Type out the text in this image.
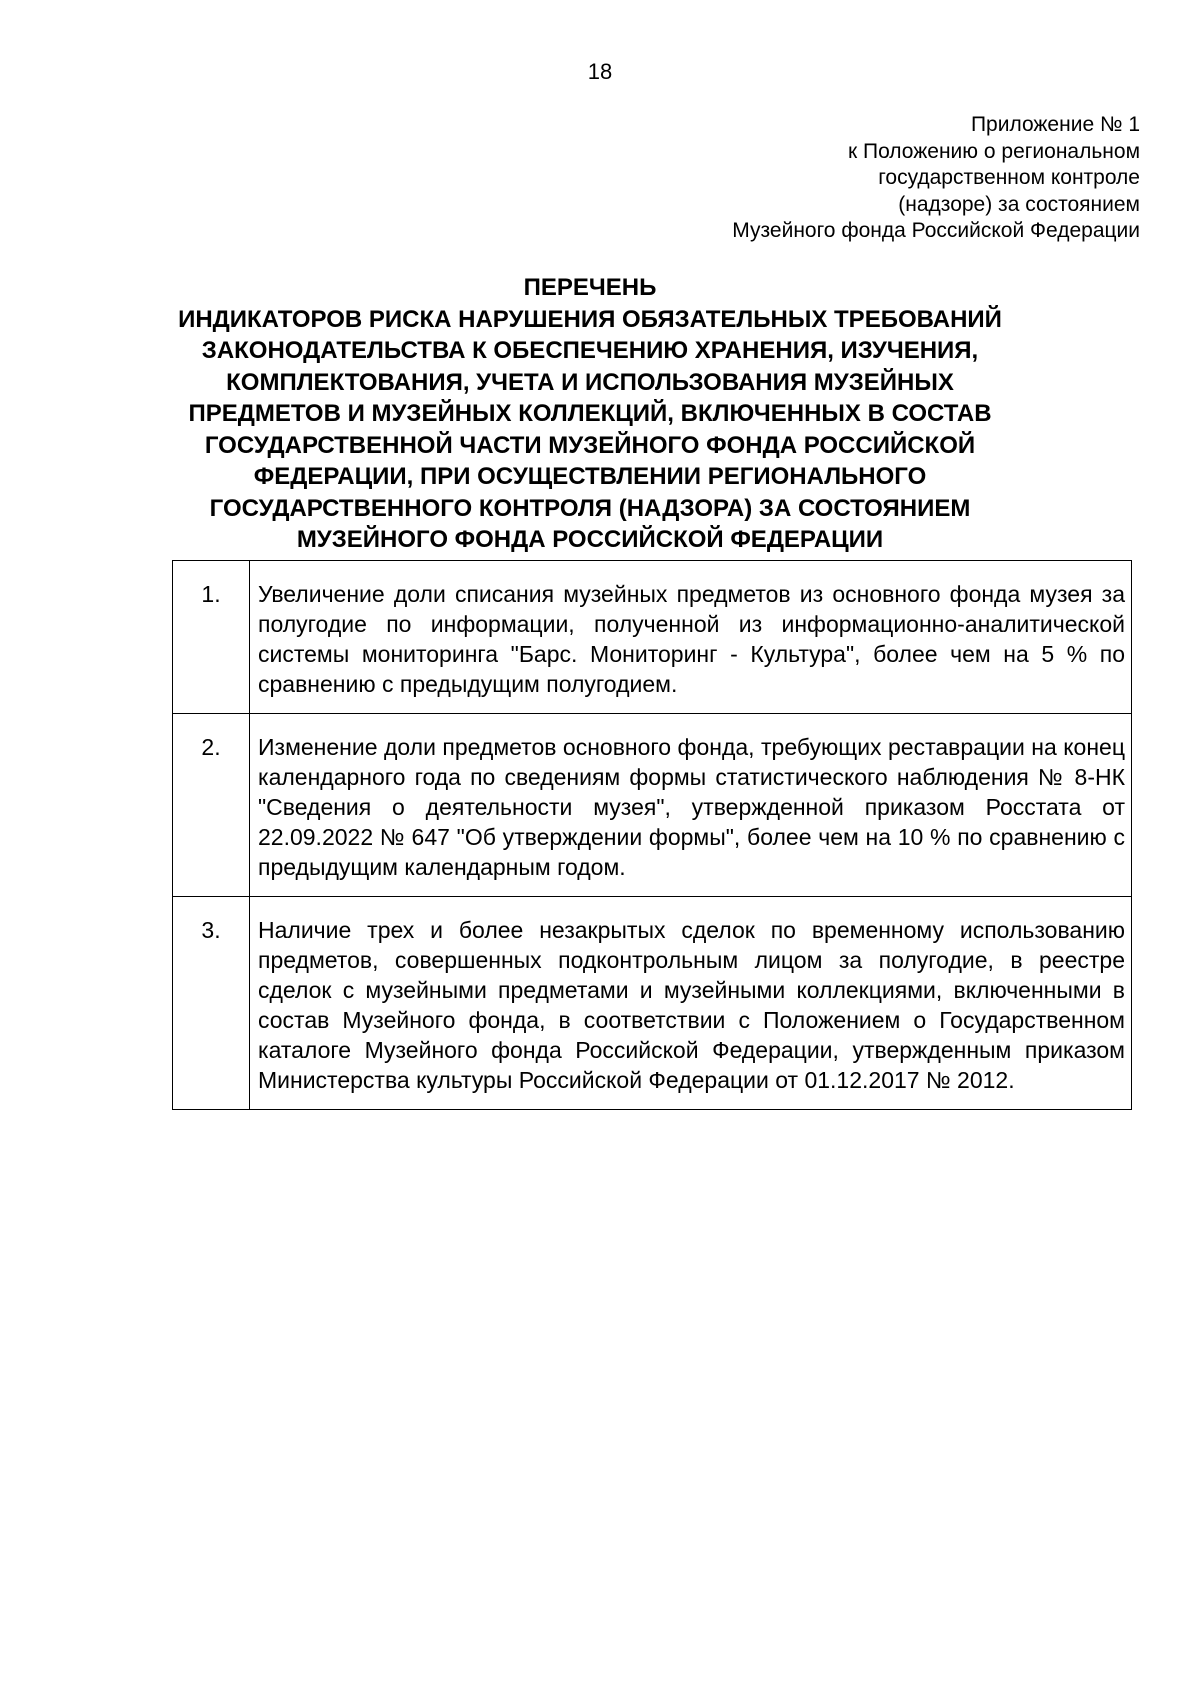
18
Приложение № 1
к Положению о региональном
государственном контроле
(надзоре) за состоянием
Музейного фонда Российской Федерации
ПЕРЕЧЕНЬ
ИНДИКАТОРОВ РИСКА НАРУШЕНИЯ ОБЯЗАТЕЛЬНЫХ ТРЕБОВАНИЙ
ЗАКОНОДАТЕЛЬСТВА К ОБЕСПЕЧЕНИЮ ХРАНЕНИЯ, ИЗУЧЕНИЯ,
КОМПЛЕКТОВАНИЯ, УЧЕТА И ИСПОЛЬЗОВАНИЯ МУЗЕЙНЫХ
ПРЕДМЕТОВ И МУЗЕЙНЫХ КОЛЛЕКЦИЙ, ВКЛЮЧЕННЫХ В СОСТАВ
ГОСУДАРСТВЕННОЙ ЧАСТИ МУЗЕЙНОГО ФОНДА РОССИЙСКОЙ
ФЕДЕРАЦИИ, ПРИ ОСУЩЕСТВЛЕНИИ РЕГИОНАЛЬНОГО
ГОСУДАРСТВЕННОГО КОНТРОЛЯ (НАДЗОРА) ЗА СОСТОЯНИЕМ
МУЗЕЙНОГО ФОНДА РОССИЙСКОЙ ФЕДЕРАЦИИ
1.	Увеличение доли списания музейных предметов из основного фонда музея за полугодие по информации, полученной из информационно-аналитической системы мониторинга "Барс. Мониторинг - Культура", более чем на 5 % по сравнению с предыдущим полугодием.
2.	Изменение доли предметов основного фонда, требующих реставрации на конец календарного года по сведениям формы статистического наблюдения № 8-НК "Сведения о деятельности музея", утвержденной приказом Росстата от 22.09.2022 № 647 "Об утверждении формы", более чем на 10 % по сравнению с предыдущим календарным годом.
3.	Наличие трех и более незакрытых сделок по временному использованию предметов, совершенных подконтрольным лицом за полугодие, в реестре сделок с музейными предметами и музейными коллекциями, включенными в состав Музейного фонда, в соответствии с Положением о Государственном каталоге Музейного фонда Российской Федерации, утвержденным приказом Министерства культуры Российской Федерации от 01.12.2017 № 2012.
